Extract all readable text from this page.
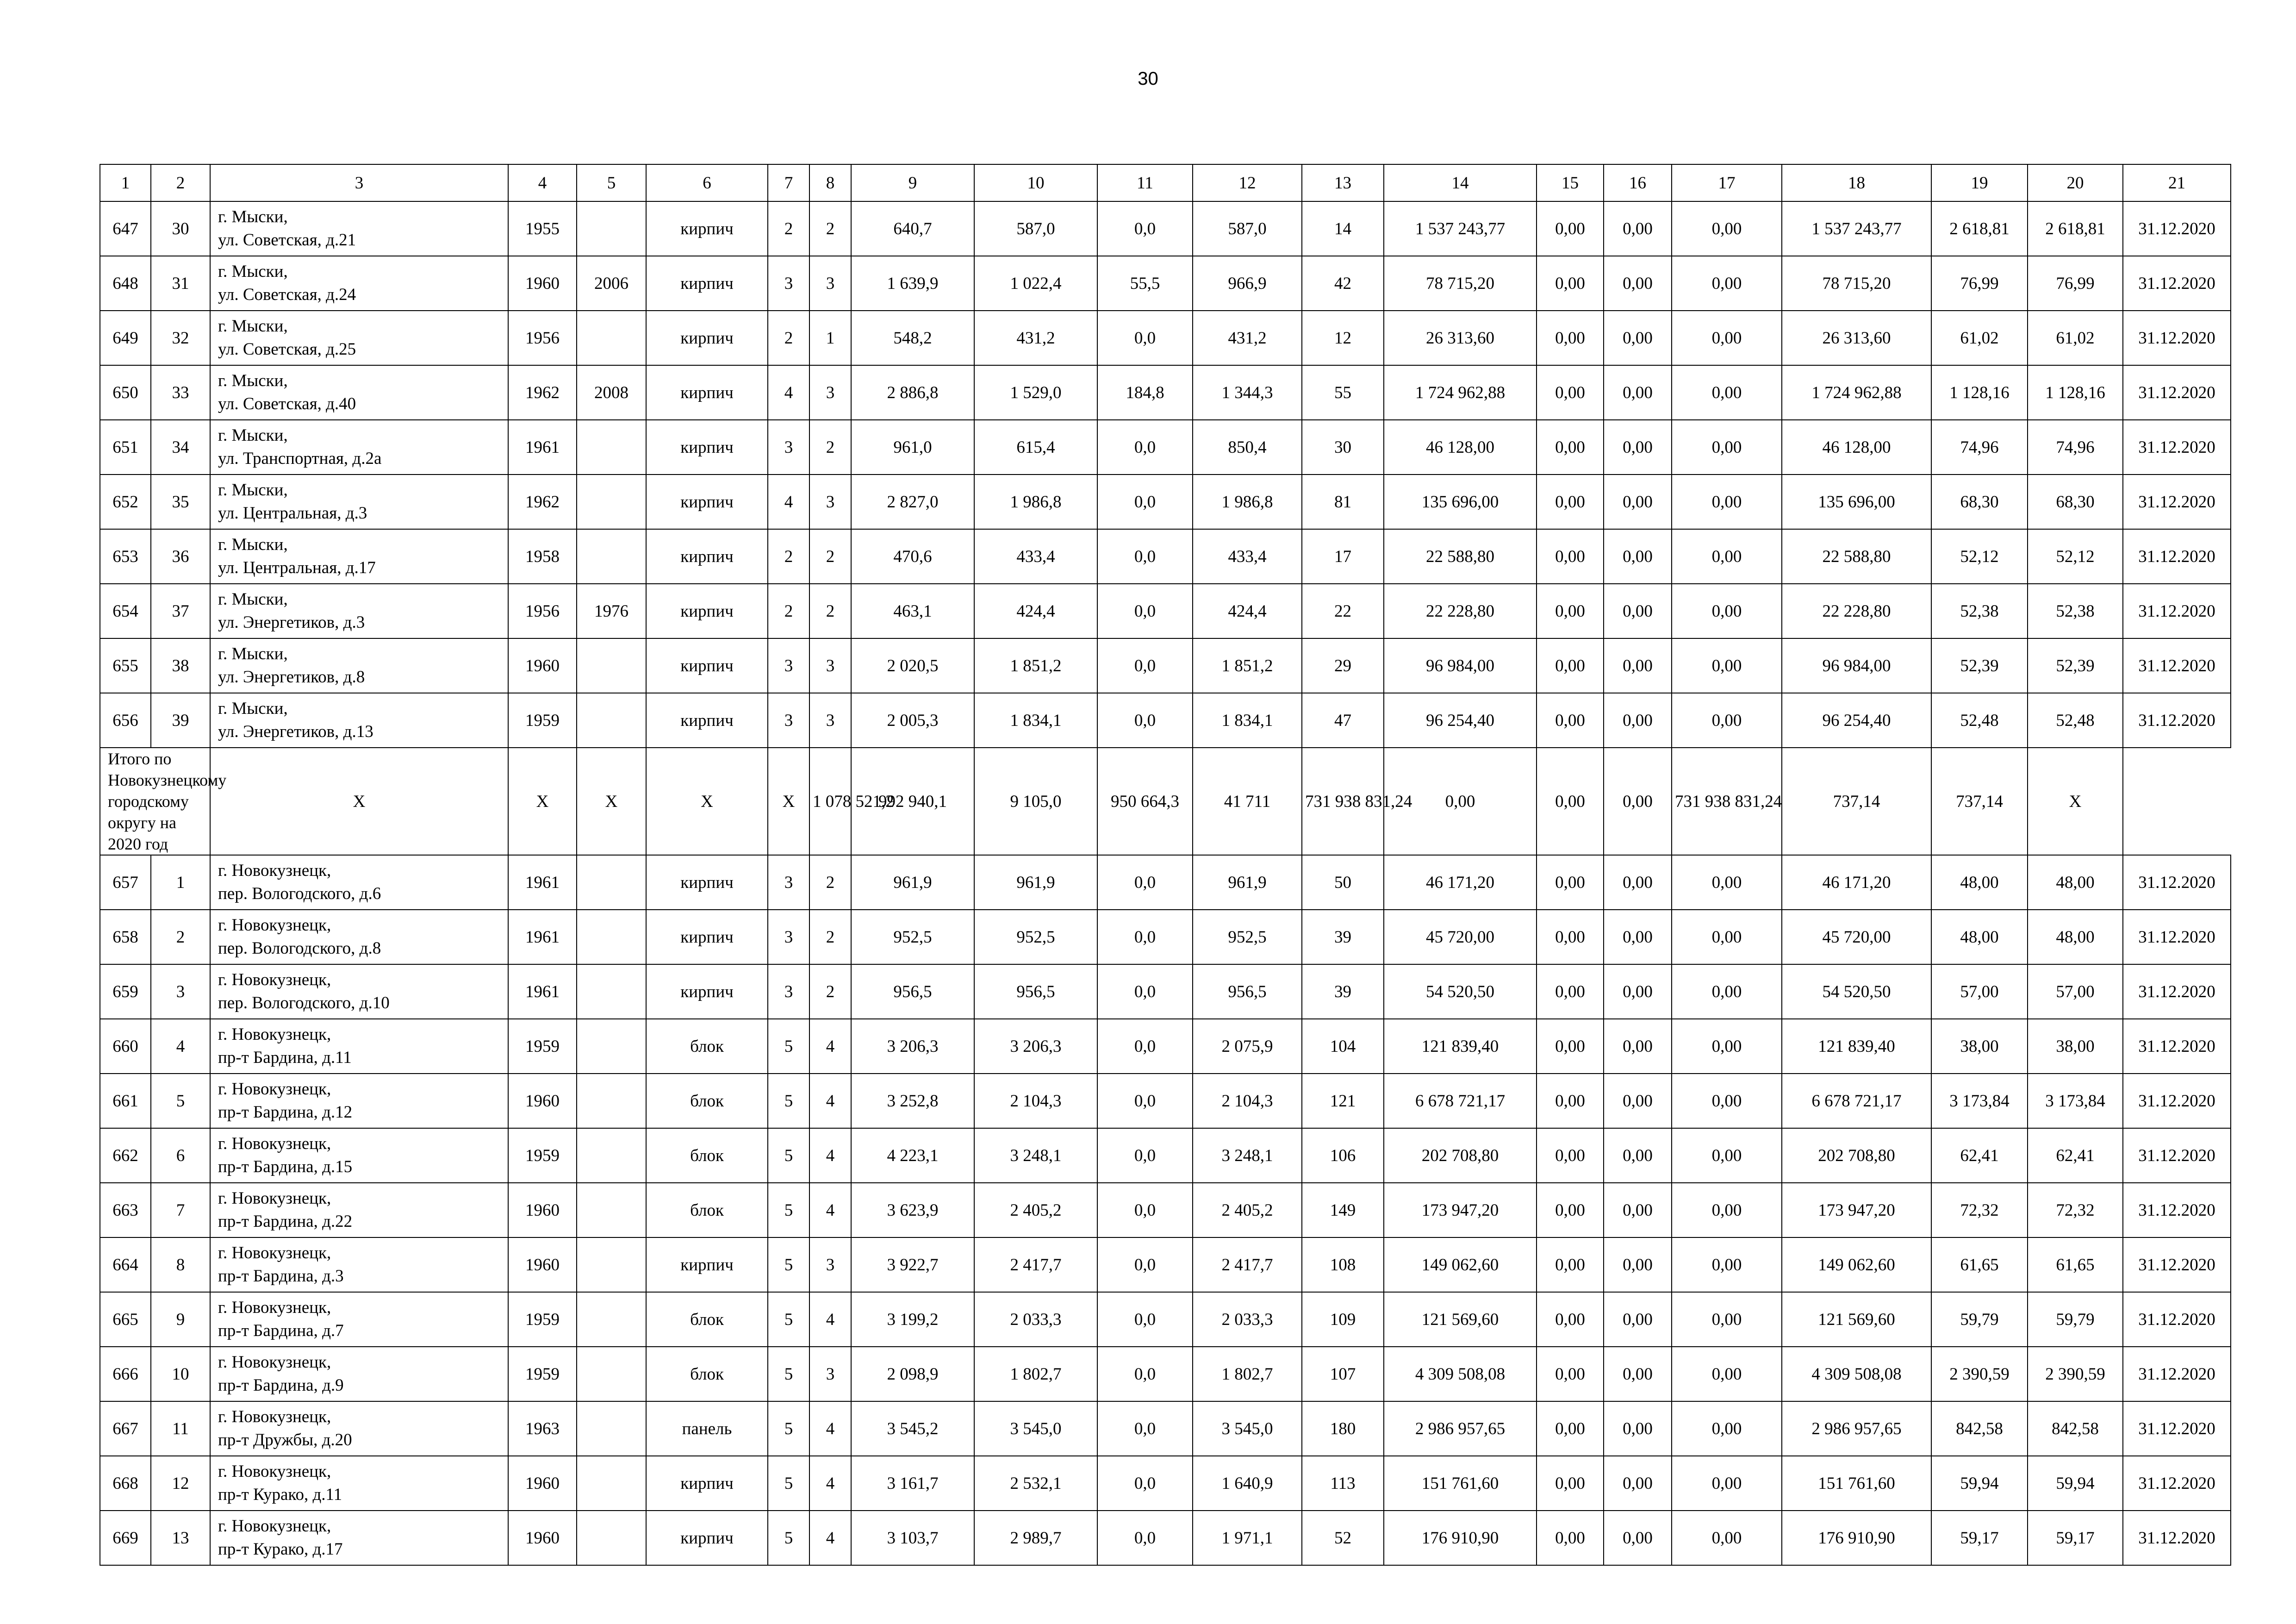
30
1	2	3	4	5	6	7	8	9	10	11	12	13	14	15	16	17	18	19	20	21
647	30	г. Мыски,
ул. Советская, д.21	1955		кирпич	2	2	640,7	587,0	0,0	587,0	14	1 537 243,77	0,00	0,00	0,00	1 537 243,77	2 618,81	2 618,81	31.12.2020
648	31	г. Мыски,
ул. Советская, д.24	1960	2006	кирпич	3	3	1 639,9	1 022,4	55,5	966,9	42	78 715,20	0,00	0,00	0,00	78 715,20	76,99	76,99	31.12.2020
649	32	г. Мыски,
ул. Советская, д.25	1956		кирпич	2	1	548,2	431,2	0,0	431,2	12	26 313,60	0,00	0,00	0,00	26 313,60	61,02	61,02	31.12.2020
650	33	г. Мыски,
ул. Советская, д.40	1962	2008	кирпич	4	3	2 886,8	1 529,0	184,8	1 344,3	55	1 724 962,88	0,00	0,00	0,00	1 724 962,88	1 128,16	1 128,16	31.12.2020
651	34	г. Мыски,
ул. Транспортная, д.2а	1961		кирпич	3	2	961,0	615,4	0,0	850,4	30	46 128,00	0,00	0,00	0,00	46 128,00	74,96	74,96	31.12.2020
652	35	г. Мыски,
ул. Центральная, д.3	1962		кирпич	4	3	2 827,0	1 986,8	0,0	1 986,8	81	135 696,00	0,00	0,00	0,00	135 696,00	68,30	68,30	31.12.2020
653	36	г. Мыски,
ул. Центральная, д.17	1958		кирпич	2	2	470,6	433,4	0,0	433,4	17	22 588,80	0,00	0,00	0,00	22 588,80	52,12	52,12	31.12.2020
654	37	г. Мыски,
ул. Энергетиков, д.3	1956	1976	кирпич	2	2	463,1	424,4	0,0	424,4	22	22 228,80	0,00	0,00	0,00	22 228,80	52,38	52,38	31.12.2020
655	38	г. Мыски,
ул. Энергетиков, д.8	1960		кирпич	3	3	2 020,5	1 851,2	0,0	1 851,2	29	96 984,00	0,00	0,00	0,00	96 984,00	52,39	52,39	31.12.2020
656	39	г. Мыски,
ул. Энергетиков, д.13	1959		кирпич	3	3	2 005,3	1 834,1	0,0	1 834,1	47	96 254,40	0,00	0,00	0,00	96 254,40	52,48	52,48	31.12.2020
Итого по Новокузнецкому городскому округу на 2020 год		X	X	X	X	X	1 078 521,2	992 940,1	9 105,0	950 664,3	41 711	731 938 831,24	0,00	0,00	0,00	731 938 831,24	737,14	737,14	X	
657	1	г. Новокузнецк,
пер. Вологодского, д.6	1961		кирпич	3	2	961,9	961,9	0,0	961,9	50	46 171,20	0,00	0,00	0,00	46 171,20	48,00	48,00	31.12.2020
658	2	г. Новокузнецк,
пер. Вологодского, д.8	1961		кирпич	3	2	952,5	952,5	0,0	952,5	39	45 720,00	0,00	0,00	0,00	45 720,00	48,00	48,00	31.12.2020
659	3	г. Новокузнецк,
пер. Вологодского, д.10	1961		кирпич	3	2	956,5	956,5	0,0	956,5	39	54 520,50	0,00	0,00	0,00	54 520,50	57,00	57,00	31.12.2020
660	4	г. Новокузнецк,
пр-т Бардина, д.11	1959		блок	5	4	3 206,3	3 206,3	0,0	2 075,9	104	121 839,40	0,00	0,00	0,00	121 839,40	38,00	38,00	31.12.2020
661	5	г. Новокузнецк,
пр-т Бардина, д.12	1960		блок	5	4	3 252,8	2 104,3	0,0	2 104,3	121	6 678 721,17	0,00	0,00	0,00	6 678 721,17	3 173,84	3 173,84	31.12.2020
662	6	г. Новокузнецк,
пр-т Бардина, д.15	1959		блок	5	4	4 223,1	3 248,1	0,0	3 248,1	106	202 708,80	0,00	0,00	0,00	202 708,80	62,41	62,41	31.12.2020
663	7	г. Новокузнецк,
пр-т Бардина, д.22	1960		блок	5	4	3 623,9	2 405,2	0,0	2 405,2	149	173 947,20	0,00	0,00	0,00	173 947,20	72,32	72,32	31.12.2020
664	8	г. Новокузнецк,
пр-т Бардина, д.3	1960		кирпич	5	3	3 922,7	2 417,7	0,0	2 417,7	108	149 062,60	0,00	0,00	0,00	149 062,60	61,65	61,65	31.12.2020
665	9	г. Новокузнецк,
пр-т Бардина, д.7	1959		блок	5	4	3 199,2	2 033,3	0,0	2 033,3	109	121 569,60	0,00	0,00	0,00	121 569,60	59,79	59,79	31.12.2020
666	10	г. Новокузнецк,
пр-т Бардина, д.9	1959		блок	5	3	2 098,9	1 802,7	0,0	1 802,7	107	4 309 508,08	0,00	0,00	0,00	4 309 508,08	2 390,59	2 390,59	31.12.2020
667	11	г. Новокузнецк,
пр-т Дружбы, д.20	1963		панель	5	4	3 545,2	3 545,0	0,0	3 545,0	180	2 986 957,65	0,00	0,00	0,00	2 986 957,65	842,58	842,58	31.12.2020
668	12	г. Новокузнецк,
пр-т Курако, д.11	1960		кирпич	5	4	3 161,7	2 532,1	0,0	1 640,9	113	151 761,60	0,00	0,00	0,00	151 761,60	59,94	59,94	31.12.2020
669	13	г. Новокузнецк,
пр-т Курако, д.17	1960		кирпич	5	4	3 103,7	2 989,7	0,0	1 971,1	52	176 910,90	0,00	0,00	0,00	176 910,90	59,17	59,17	31.12.2020
